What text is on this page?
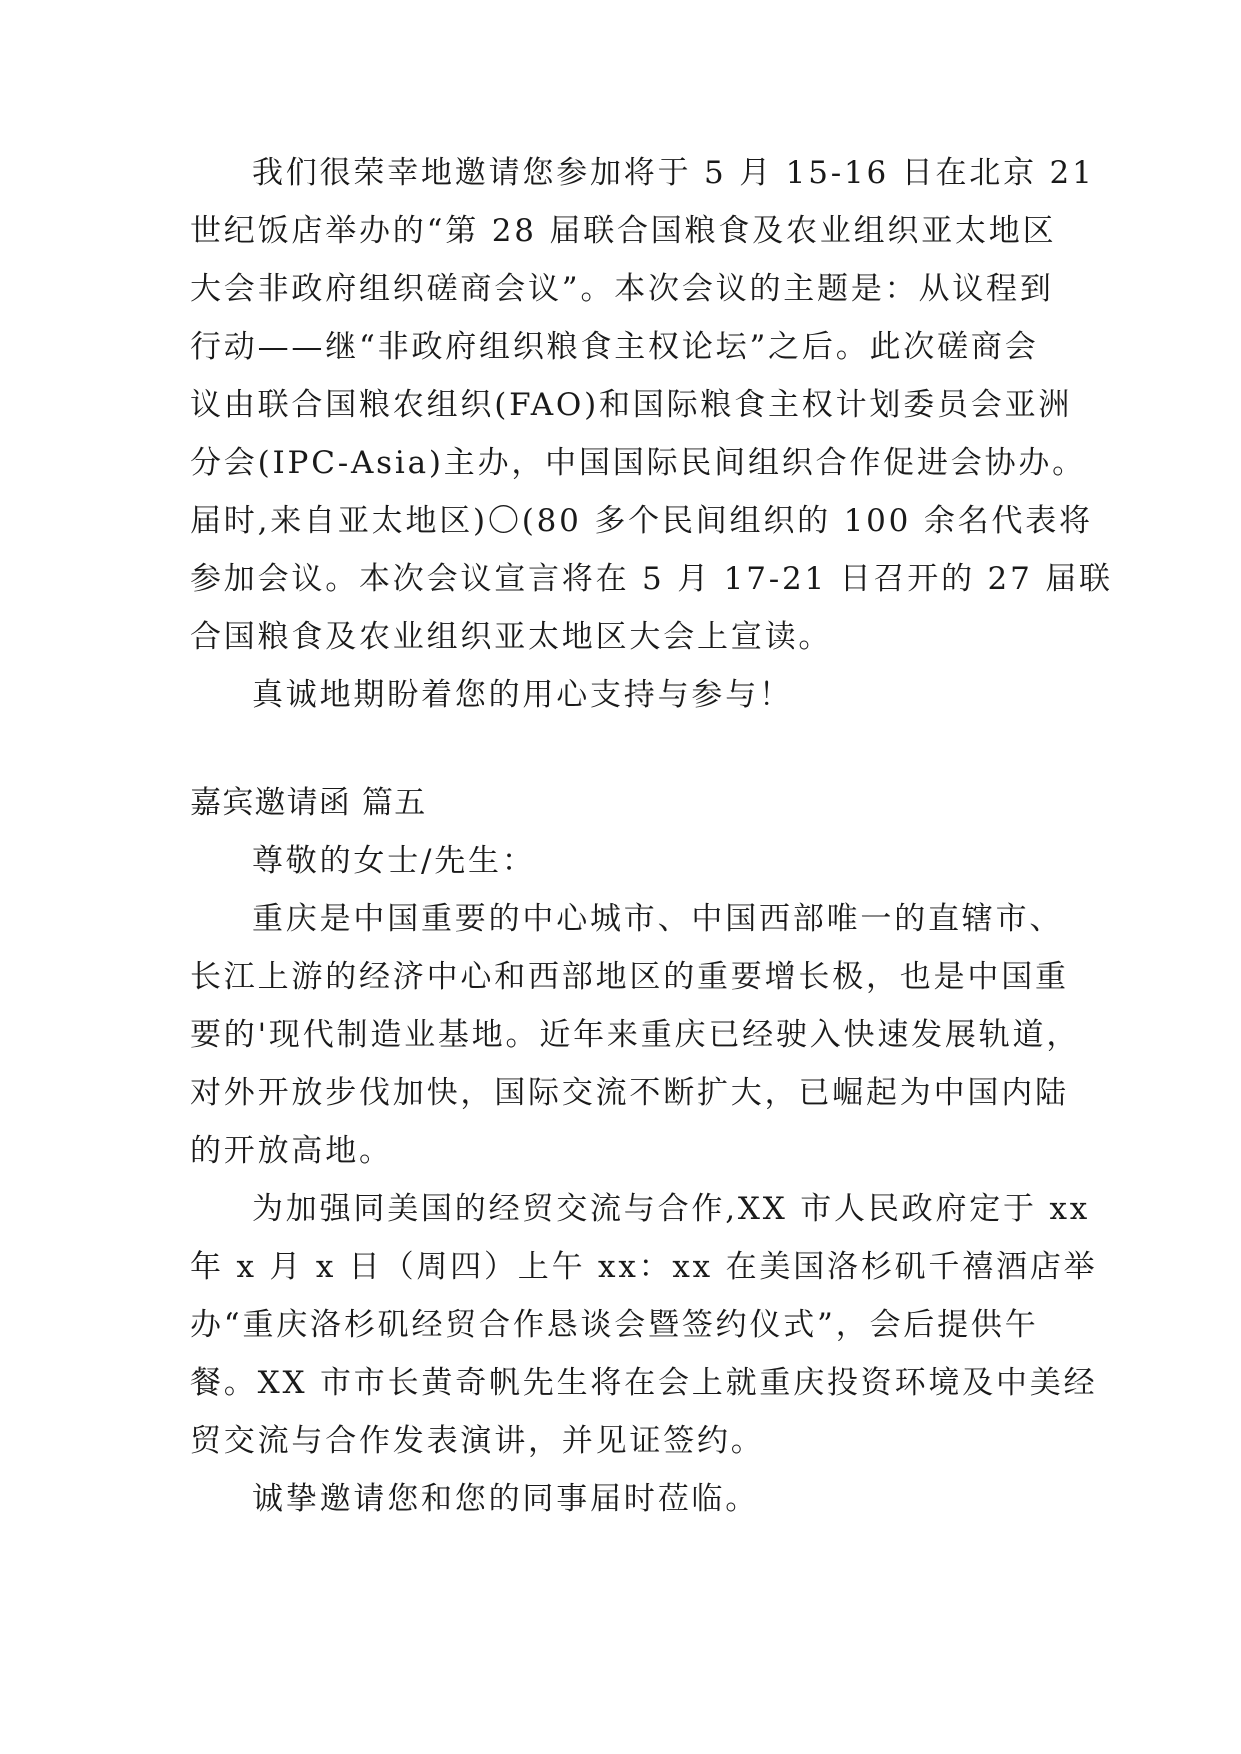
我们很荣幸地邀请您参加将于 5 月 15-16 日在北京 21
世纪饭店举办的“第 28 届联合国粮食及农业组织亚太地区
大会非政府组织磋商会议”。本次会议的主题是：从议程到
行动——继“非政府组织粮食主权论坛”之后。此次磋商会
议由联合国粮农组织(FAO)和国际粮食主权计划委员会亚洲
分会(IPC-Asia)主办，中国国际民间组织合作促进会协办。
届时,来自亚太地区)〇(80 多个民间组织的 100 余名代表将
参加会议。本次会议宣言将在 5 月 17-21 日召开的 27 届联
合国粮食及农业组织亚太地区大会上宣读。
真诚地期盼着您的用心支持与参与！
嘉宾邀请函 篇五
尊敬的女士/先生：
重庆是中国重要的中心城市、中国西部唯一的直辖市、
长江上游的经济中心和西部地区的重要增长极，也是中国重
要的'现代制造业基地。近年来重庆已经驶入快速发展轨道，
对外开放步伐加快，国际交流不断扩大，已崛起为中国内陆
的开放高地。
为加强同美国的经贸交流与合作,XX 市人民政府定于 xx
年 x 月 x 日（周四）上午 xx：xx 在美国洛杉矶千禧酒店举
办“重庆洛杉矶经贸合作恳谈会暨签约仪式”，会后提供午
餐。XX 市市长黄奇帆先生将在会上就重庆投资环境及中美经
贸交流与合作发表演讲，并见证签约。
诚挚邀请您和您的同事届时莅临。
